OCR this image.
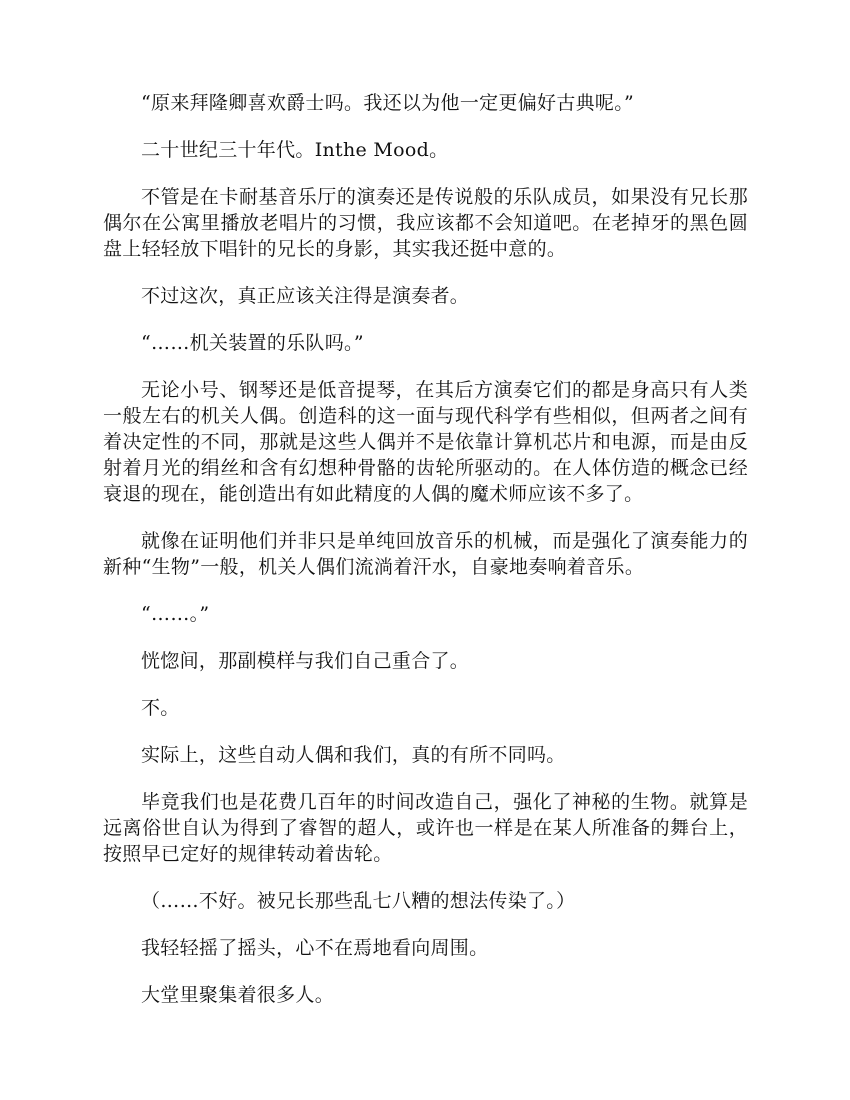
“原来拜隆卿喜欢爵士吗。我还以为他一定更偏好古典呢。”

二十世纪三十年代。Inthe Mood。

不管是在卡耐基音乐厅的演奏还是传说般的乐队成员，如果没有兄长那偶尔在公寓里播放老唱片的习惯，我应该都不会知道吧。在老掉牙的黑色圆盘上轻轻放下唱针的兄长的身影，其实我还挺中意的。

不过这次，真正应该关注得是演奏者。

“……机关装置的乐队吗。”

无论小号、钢琴还是低音提琴，在其后方演奏它们的都是身高只有人类一般左右的机关人偶。创造科的这一面与现代科学有些相似，但两者之间有着决定性的不同，那就是这些人偶并不是依靠计算机芯片和电源，而是由反射着月光的绢丝和含有幻想种骨骼的齿轮所驱动的。在人体仿造的概念已经衰退的现在，能创造出有如此精度的人偶的魔术师应该不多了。

就像在证明他们并非只是单纯回放音乐的机械，而是强化了演奏能力的新种“生物”一般，机关人偶们流淌着汗水，自豪地奏响着音乐。

“……。”

恍惚间，那副模样与我们自己重合了。

不。

实际上，这些自动人偶和我们，真的有所不同吗。

毕竟我们也是花费几百年的时间改造自己，强化了神秘的生物。就算是远离俗世自认为得到了睿智的超人，或许也一样是在某人所准备的舞台上，按照早已定好的规律转动着齿轮。

（……不好。被兄长那些乱七八糟的想法传染了。）

我轻轻摇了摇头，心不在焉地看向周围。

大堂里聚集着很多人。
